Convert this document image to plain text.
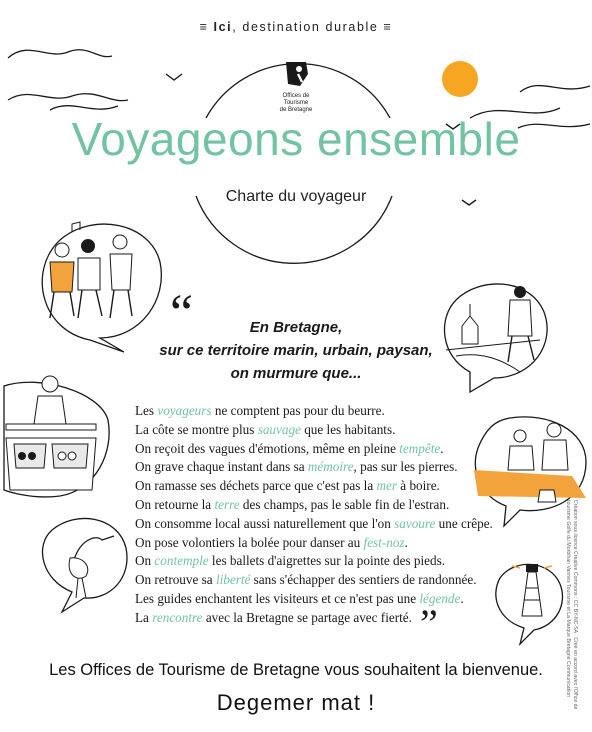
≡ Ici, destination durable ≡
Offices de
Tourisme
de Bretagne
Voyageons ensemble
Charte du voyageur
“	En Bretagne,
sur ce territoire marin, urbain, paysan,
on murmure que...
Les voyageurs ne comptent pas pour du beurre.
La côte se montre plus sauvage que les habitants.
On reçoit des vagues d'émotions, même en pleine tempête.
On grave chaque instant dans sa mémoire, pas sur les pierres.
On ramasse ses déchets parce que c'est pas la mer à boire.
On retourne la terre des champs, pas le sable fin de l'estran.
On consomme local aussi naturellement que l'on savoure une crêpe.
On pose volontiers la bolée pour danser au fest-noz.
On contemple les ballets d'aigrettes sur la pointe des pieds.
On retrouve sa liberté sans s'échapper des sentiers de randonnée.
Les guides enchantent les visiteurs et ce n'est pas une légende.
La rencontre avec la Bretagne se partage avec fierté. ”
Les Offices de Tourisme de Bretagne vous souhaitent la bienvenue.
Degemer mat !	Création sous licence Creative Commons : CC BY-NC-SA · Créé en accord avec l'Office de tourisme Golfe du Morbihan Vannes Tourisme et La Marque Bretagne Communication
